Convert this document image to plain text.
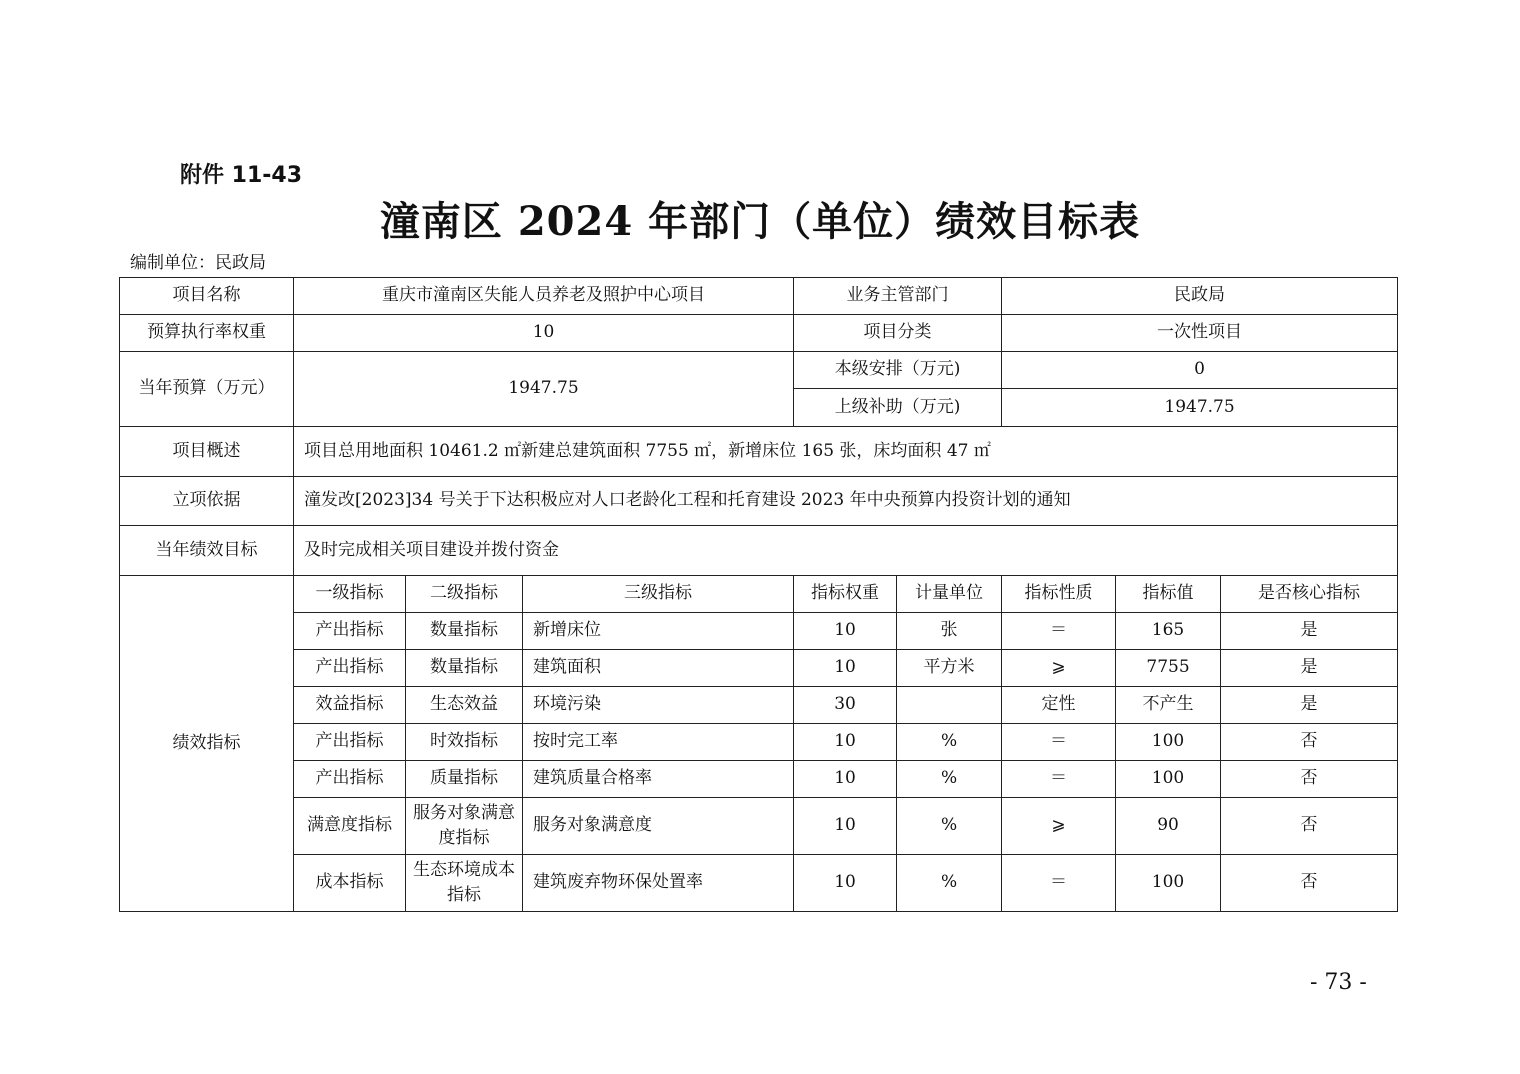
附件 11-43
潼南区 2024 年部门（单位）绩效目标表
编制单位：民政局
项目名称	重庆市潼南区失能人员养老及照护中心项目			业务主管部门		民政局		
预算执行率权重	10			项目分类		一次性项目		
当年预算（万元）	1947.75			本级安排（万元)		0		
				上级补助（万元)		1947.75		
项目概述	项目总用地面积 10461.2 ㎡新建总建筑面积 7755 ㎡，新增床位 165 张，床均面积 47 ㎡							
立项依据	潼发改[2023]34 号关于下达积极应对人口老龄化工程和托育建设 2023 年中央预算内投资计划的通知							
当年绩效目标	及时完成相关项目建设并拨付资金							
绩效指标	一级指标	二级指标	三级指标	指标权重	计量单位	指标性质	指标值	是否核心指标
	产出指标	数量指标	新增床位	10	张	＝	165	是
	产出指标	数量指标	建筑面积	10	平方米	⩾	7755	是
	效益指标	生态效益	环境污染	30		定性	不产生	是
	产出指标	时效指标	按时完工率	10	%	＝	100	否
	产出指标	质量指标	建筑质量合格率	10	%	＝	100	否
	满意度指标	服务对象满意度指标	服务对象满意度	10	%	⩾	90	否
	成本指标	生态环境成本指标	建筑废弃物环保处置率	10	%	＝	100	否
- 73 -
